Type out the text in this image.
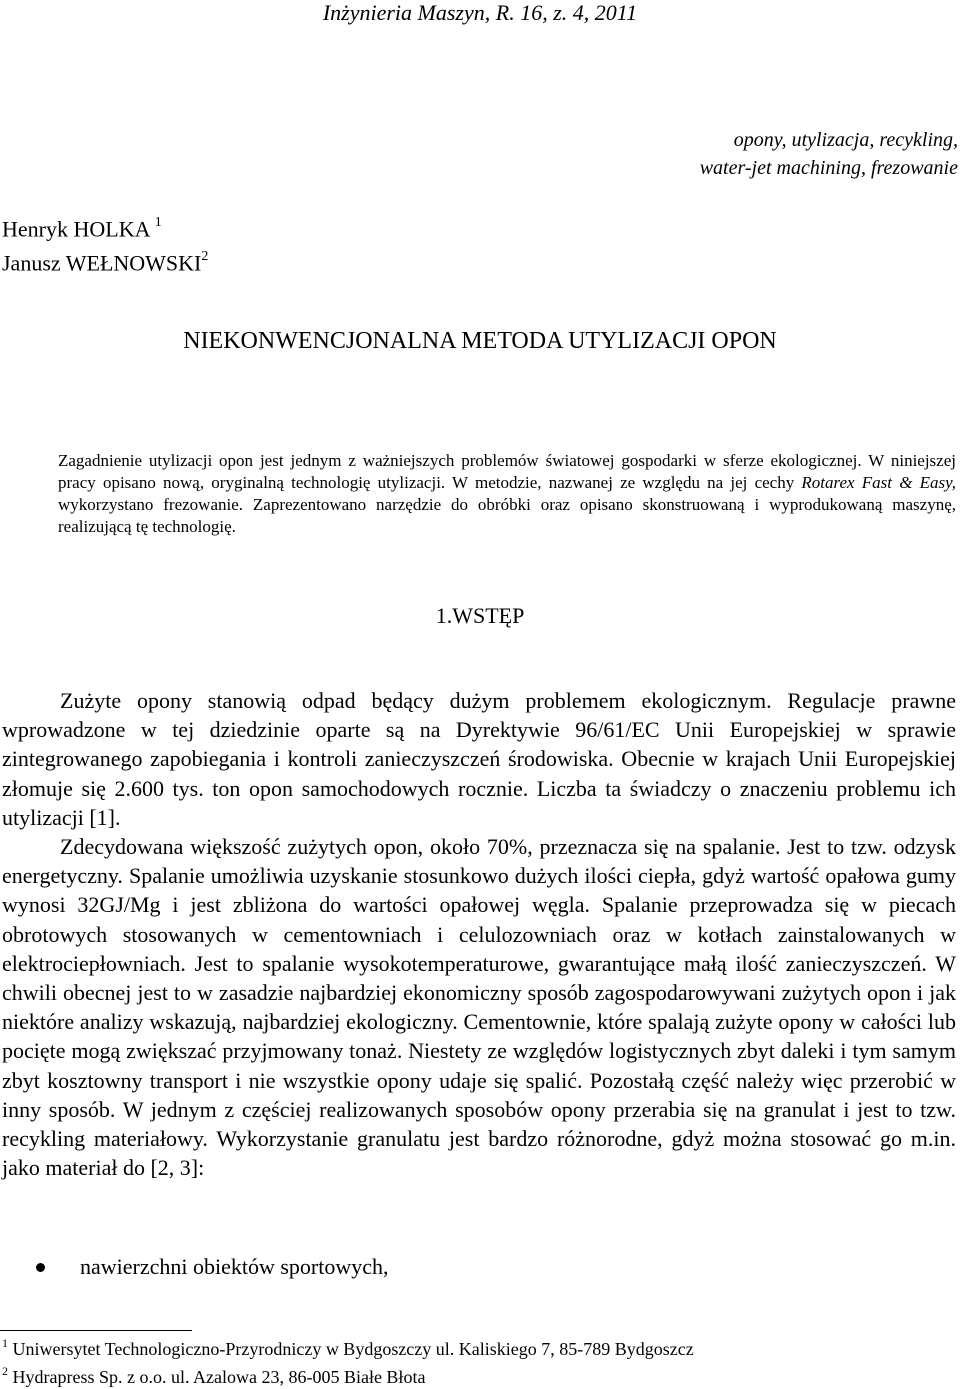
Inżynieria Maszyn, R. 16, z. 4, 2011
opony, utylizacja, recykling,
water-jet machining, frezowanie
Henryk HOLKA $^1$
Janusz WEŁNOWSKI$^2$
NIEKONWENCJONALNA METODA UTYLIZACJI OPON
Zagadnienie utylizacji opon jest jednym z ważniejszych problemów światowej gospodarki w sferze ekologicznej. W niniejszej pracy opisano nową, oryginalną technologię utylizacji. W metodzie, nazwanej ze względu na jej cechy Rotarex Fast & Easy, wykorzystano frezowanie. Zaprezentowano narzędzie do obróbki oraz opisano skonstruowaną i wyprodukowaną maszynę, realizującą tę technologię.
1.WSTĘP

Zużyte opony stanowią odpad będący dużym problemem ekologicznym. Regulacje prawne wprowadzone w tej dziedzinie oparte są na Dyrektywie 96/61/EC Unii Europejskiej w sprawie zintegrowanego zapobiegania i kontroli zanieczyszczeń środowiska. Obecnie w krajach Unii Europejskiej złomuje się 2.600 tys. ton opon samochodowych rocznie. Liczba ta świadczy o znaczeniu problemu ich utylizacji [1].

Zdecydowana większość zużytych opon, około 70%, przeznacza się na spalanie. Jest to tzw. odzysk energetyczny. Spalanie umożliwia uzyskanie stosunkowo dużych ilości ciepła, gdyż wartość opałowa gumy wynosi 32GJ/Mg i jest zbliżona do wartości opałowej węgla. Spalanie przeprowadza się w piecach obrotowych stosowanych w cementowniach i celulozowniach oraz w kotłach zainstalowanych w elektrociepłowniach. Jest to spalanie wysokotemperaturowe, gwarantujące małą ilość zanieczyszczeń. W chwili obecnej jest to w zasadzie najbardziej ekonomiczny sposób zagospodarowywani zużytych opon i jak niektóre analizy wskazują, najbardziej ekologiczny. Cementownie, które spalają zużyte opony w całości lub pocięte mogą zwiększać przyjmowany tonaż. Niestety ze względów logistycznych zbyt daleki i tym samym zbyt kosztowny transport i nie wszystkie opony udaje się spalić. Pozostałą część należy więc przerobić w inny sposób. W jednym z częściej realizowanych sposobów opony przerabia się na granulat i jest to tzw. recykling materiałowy. Wykorzystanie granulatu jest bardzo różnorodne, gdyż można stosować go m.in. jako materiał do [2, 3]:

nawierzchni obiektów sportowych,
$^1$ Uniwersytet Technologiczno-Przyrodniczy w Bydgoszczy ul. Kaliskiego 7, 85-789 Bydgoszcz
$^2$ Hydrapress Sp. z o.o. ul. Azalowa 23, 86-005 Białe Błota
